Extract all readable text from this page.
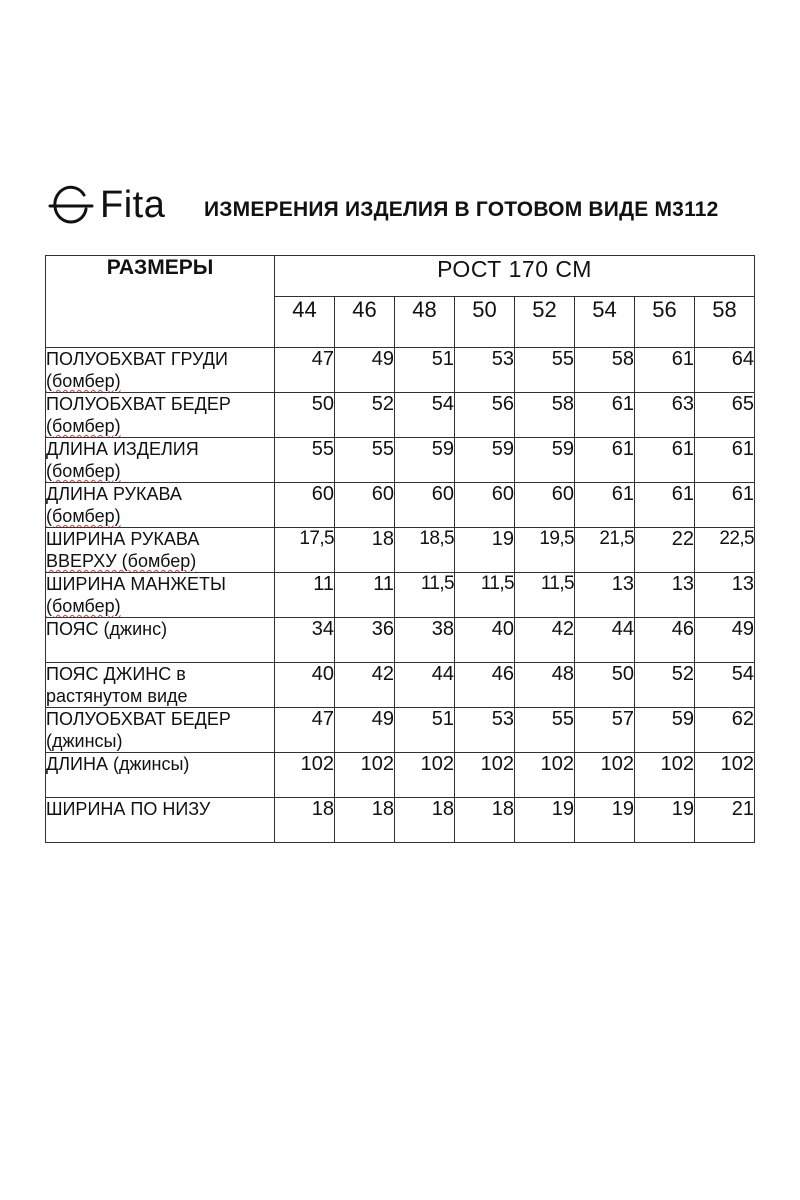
Fita ИЗМЕРЕНИЯ ИЗДЕЛИЯ В ГОТОВОМ ВИДЕ М3112
РАЗМЕРЫ	РОСТ 170 СМ							
	44	46	48	50	52	54	56	58

ПОЛУОБХВАТ ГРУДИ
(бомбер)	47	49	51	53	55	58	61	64

ПОЛУОБХВАТ БЕДЕР
(бомбер)	50	52	54	56	58	61	63	65

ДЛИНА ИЗДЕЛИЯ
(бомбер)	55	55	59	59	59	61	61	61

ДЛИНА РУКАВА
(бомбер)	60	60	60	60	60	61	61	61

ШИРИНА РУКАВА
ВВЕРХУ (бомбер)	17,5	18	18,5	19	19,5	21,5	22	22,5

ШИРИНА МАНЖЕТЫ
(бомбер)	11	11	11,5	11,5	11,5	13	13	13

ПОЯС (джинс)	34	36	38	40	42	44	46	49

ПОЯС ДЖИНС в
растянутом виде	40	42	44	46	48	50	52	54

ПОЛУОБХВАТ БЕДЕР
(джинсы)	47	49	51	53	55	57	59	62

ДЛИНА (джинсы)	102	102	102	102	102	102	102	102

ШИРИНА ПО НИЗУ	18	18	18	18	19	19	19	21
